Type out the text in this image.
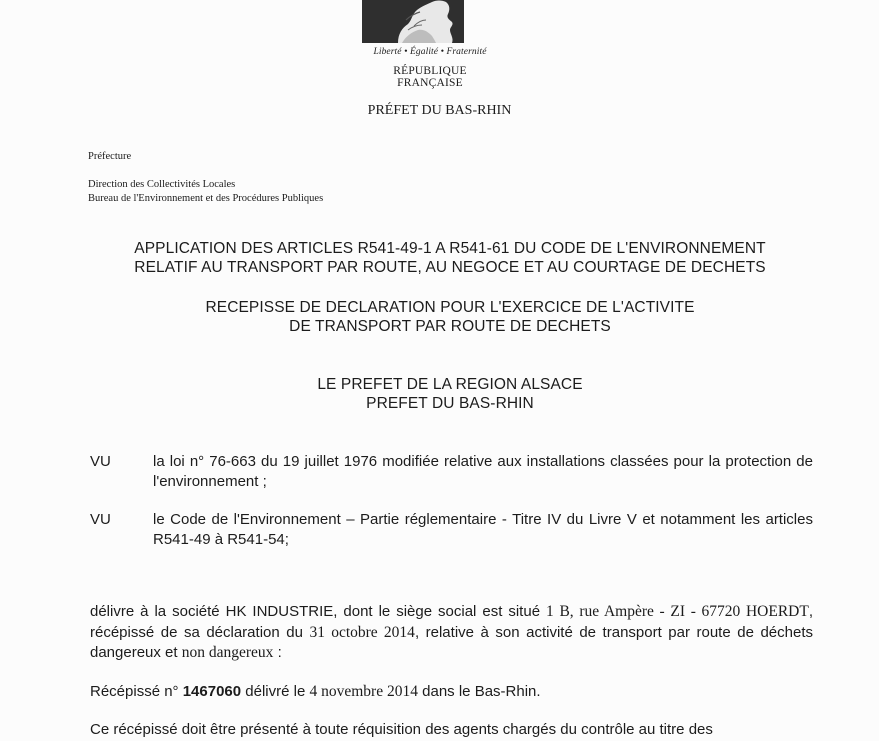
Liberté • Égalité • Fraternité
RÉPUBLIQUE FRANÇAISE
PRÉFET DU BAS-RHIN
Préfecture
Direction des Collectivités Locales
Bureau de l'Environnement et des Procédures Publiques
APPLICATION DES ARTICLES R541-49-1 A R541-61 DU CODE DE L'ENVIRONNEMENT
RELATIF AU TRANSPORT PAR ROUTE, AU NEGOCE ET AU COURTAGE DE DECHETS
RECEPISSE DE DECLARATION POUR L'EXERCICE DE L'ACTIVITE
DE TRANSPORT PAR ROUTE DE DECHETS
LE PREFET DE LA REGION ALSACE
PREFET DU BAS-RHIN
VU	la loi n° 76-663 du 19 juillet 1976 modifiée relative aux installations classées pour la protection de l'environnement ;
VU	le Code de l'Environnement – Partie réglementaire - Titre IV du Livre V et notamment les articles R541-49 à R541-54;
délivre à la société HK INDUSTRIE, dont le siège social est situé 1 B, rue Ampère - ZI - 67720 HOERDT, récépissé de sa déclaration du 31 octobre 2014, relative à son activité de transport par route de déchets dangereux et non dangereux :
Récépissé n° 1467060 délivré le 4 novembre 2014 dans le Bas-Rhin.
Ce récépissé doit être présenté à toute réquisition des agents chargés du contrôle au titre des
